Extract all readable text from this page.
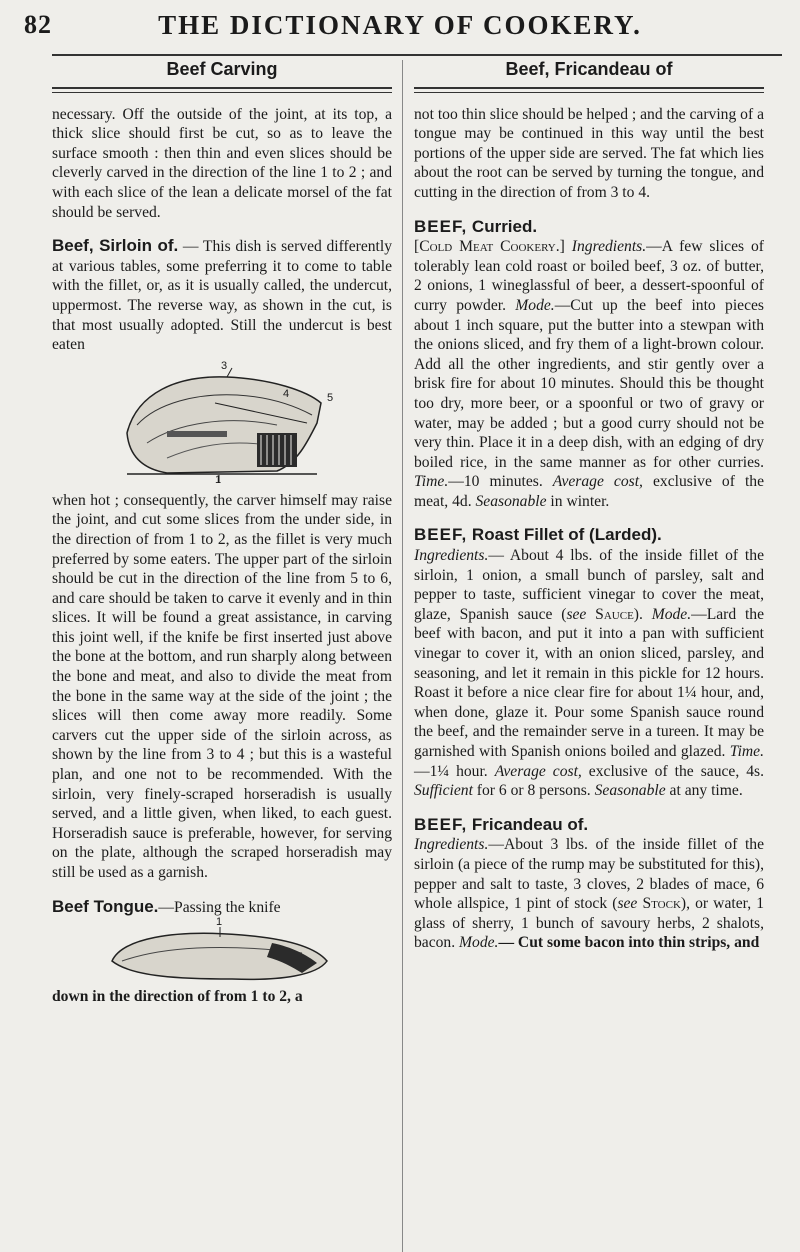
82	THE DICTIONARY OF COOKERY.
Beef Carving

necessary. Off the outside of the joint, at its top, a thick slice should first be cut, so as to leave the surface smooth : then thin and even slices should be cleverly carved in the direction of the line 1 to 2 ; and with each slice of the lean a delicate morsel of the fat should be served.

Beef, Sirloin of. — This dish is served differently at various tables, some preferring it to come to table with the fillet, or, as it is usually called, the undercut, uppermost. The reverse way, as shown in the cut, is that most usually adopted. Still the undercut is best eaten

3
4	5
1

when hot ; consequently, the carver himself may raise the joint, and cut some slices from the under side, in the direction of from 1 to 2, as the fillet is very much preferred by some eaters. The upper part of the sirloin should be cut in the direction of the line from 5 to 6, and care should be taken to carve it evenly and in thin slices. It will be found a great assistance, in carving this joint well, if the knife be first inserted just above the bone at the bottom, and run sharply along between the bone and meat, and also to divide the meat from the bone in the same way at the side of the joint ; the slices will then come away more readily. Some carvers cut the upper side of the sirloin across, as shown by the line from 3 to 4 ; but this is a wasteful plan, and one not to be recommended. With the sirloin, very finely-scraped horseradish is usually served, and a little given, when liked, to each guest. Horseradish sauce is preferable, however, for serving on the plate, although the scraped horseradish may still be used as a garnish.

Beef Tongue.—Passing the knife

1

down in the direction of from 1 to 2, a

Beef, Fricandeau of

not too thin slice should be helped ; and the carving of a tongue may be continued in this way until the best portions of the upper side are served. The fat which lies about the root can be served by turning the tongue, and cutting in the direction of from 3 to 4.

BEEF, Curried.

[Cold Meat Cookery.] Ingredients.—A few slices of tolerably lean cold roast or boiled beef, 3 oz. of butter, 2 onions, 1 wineglassful of beer, a dessert-spoonful of curry powder. Mode.—Cut up the beef into pieces about 1 inch square, put the butter into a stewpan with the onions sliced, and fry them of a light-brown colour. Add all the other ingredients, and stir gently over a brisk fire for about 10 minutes. Should this be thought too dry, more beer, or a spoonful or two of gravy or water, may be added ; but a good curry should not be very thin. Place it in a deep dish, with an edging of dry boiled rice, in the same manner as for other curries. Time.—10 minutes. Average cost, exclusive of the meat, 4d. Seasonable in winter.

BEEF, Roast Fillet of (Larded).

Ingredients.— About 4 lbs. of the inside fillet of the sirloin, 1 onion, a small bunch of parsley, salt and pepper to taste, sufficient vinegar to cover the meat, glaze, Spanish sauce (see Sauce). Mode.—Lard the beef with bacon, and put it into a pan with sufficient vinegar to cover it, with an onion sliced, parsley, and seasoning, and let it remain in this pickle for 12 hours. Roast it before a nice clear fire for about 1¼ hour, and, when done, glaze it. Pour some Spanish sauce round the beef, and the remainder serve in a tureen. It may be garnished with Spanish onions boiled and glazed. Time.—1¼ hour. Average cost, exclusive of the sauce, 4s. Sufficient for 6 or 8 persons. Seasonable at any time.

BEEF, Fricandeau of.

Ingredients.—About 3 lbs. of the inside fillet of the sirloin (a piece of the rump may be substituted for this), pepper and salt to taste, 3 cloves, 2 blades of mace, 6 whole allspice, 1 pint of stock (see Stock), or water, 1 glass of sherry, 1 bunch of savoury herbs, 2 shalots, bacon. Mode.— Cut some bacon into thin strips, and
